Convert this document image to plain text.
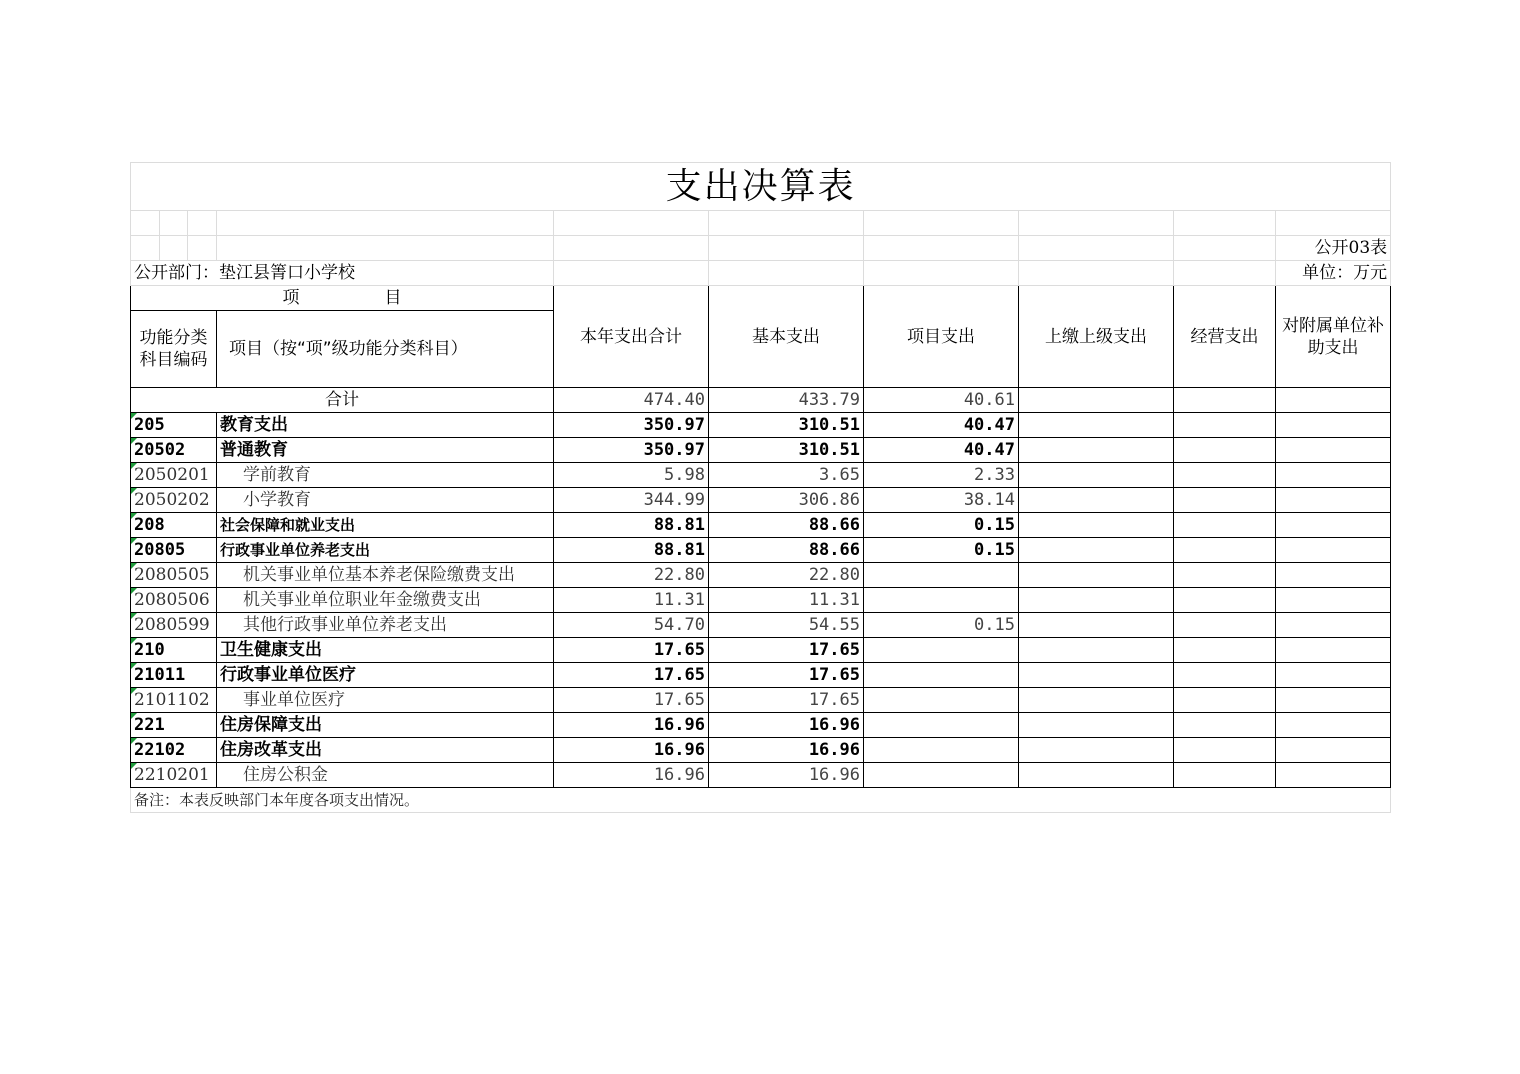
支出决算表									

									公开03表
公开部门：垫江县箐口小学校									单位：万元
项　　　　　目				本年支出合计	基本支出	项目支出	上缴上级支出	经营支出	对附属单位补助支出
功能分类科目编码			项目（按“项”级功能分类科目）						
合计				474.40	433.79	40.61			
205			教育支出	350.97	310.51	40.47			
20502			普通教育	350.97	310.51	40.47			
2050201			学前教育	5.98	3.65	2.33			
2050202			小学教育	344.99	306.86	38.14			
208			社会保障和就业支出	88.81	88.66	0.15			
20805			行政事业单位养老支出	88.81	88.66	0.15			
2080505			机关事业单位基本养老保险缴费支出	22.80	22.80				
2080506			机关事业单位职业年金缴费支出	11.31	11.31				
2080599			其他行政事业单位养老支出	54.70	54.55	0.15			
210			卫生健康支出	17.65	17.65				
21011			行政事业单位医疗	17.65	17.65				
2101102			事业单位医疗	17.65	17.65				
221			住房保障支出	16.96	16.96				
22102			住房改革支出	16.96	16.96				
2210201			住房公积金	16.96	16.96				
备注：本表反映部门本年度各项支出情况。									
